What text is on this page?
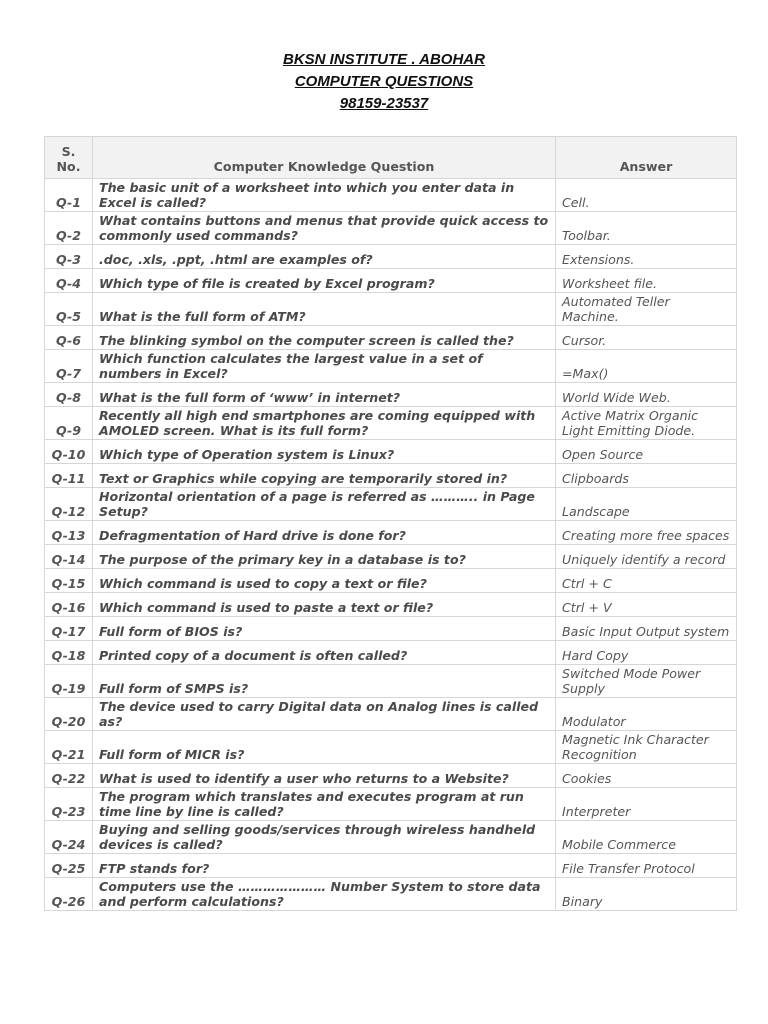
BKSN INSTITUTE . ABOHAR
COMPUTER QUESTIONS
98159-23537
S. No.	Computer Knowledge Question	Answer
Q-1	The basic unit of a worksheet into which you enter data in Excel is called?	Cell.
Q-2	What contains buttons and menus that provide quick access to commonly used commands?	Toolbar.
Q-3	.doc, .xls, .ppt, .html are examples of?	Extensions.
Q-4	Which type of file is created by Excel program?	Worksheet file.
Q-5	What is the full form of ATM?	Automated Teller Machine.
Q-6	The blinking symbol on the computer screen is called the?	Cursor.
Q-7	Which function calculates the largest value in a set of numbers in Excel?	=Max()
Q-8	What is the full form of ‘www’ in internet?	World Wide Web.
Q-9	Recently all high end smartphones are coming equipped with AMOLED screen. What is its full form?	Active Matrix Organic Light Emitting Diode.
Q-10	Which type of Operation system is Linux?	Open Source
Q-11	Text or Graphics while copying are temporarily stored in?	Clipboards
Q-12	Horizontal orientation of a page is referred as ……….. in Page Setup?	Landscape
Q-13	Defragmentation of Hard drive is done for?	Creating more free spaces
Q-14	The purpose of the primary key in a database is to?	Uniquely identify a record
Q-15	Which command is used to copy a text or file?	Ctrl + C
Q-16	Which command is used to paste a text or file?	Ctrl + V
Q-17	Full form of BIOS is?	Basic Input Output system
Q-18	Printed copy of a document is often called?	Hard Copy
Q-19	Full form of SMPS is?	Switched Mode Power Supply
Q-20	The device used to carry Digital data on Analog lines is called as?	Modulator
Q-21	Full form of MICR is?	Magnetic Ink Character Recognition
Q-22	What is used to identify a user who returns to a Website?	Cookies
Q-23	The program which translates and executes program at run time line by line is called?	Interpreter
Q-24	Buying and selling goods/services through wireless handheld devices is called?	Mobile Commerce
Q-25	FTP stands for?	File Transfer Protocol
Q-26	Computers use the ………………… Number System to store data and perform calculations?	Binary
